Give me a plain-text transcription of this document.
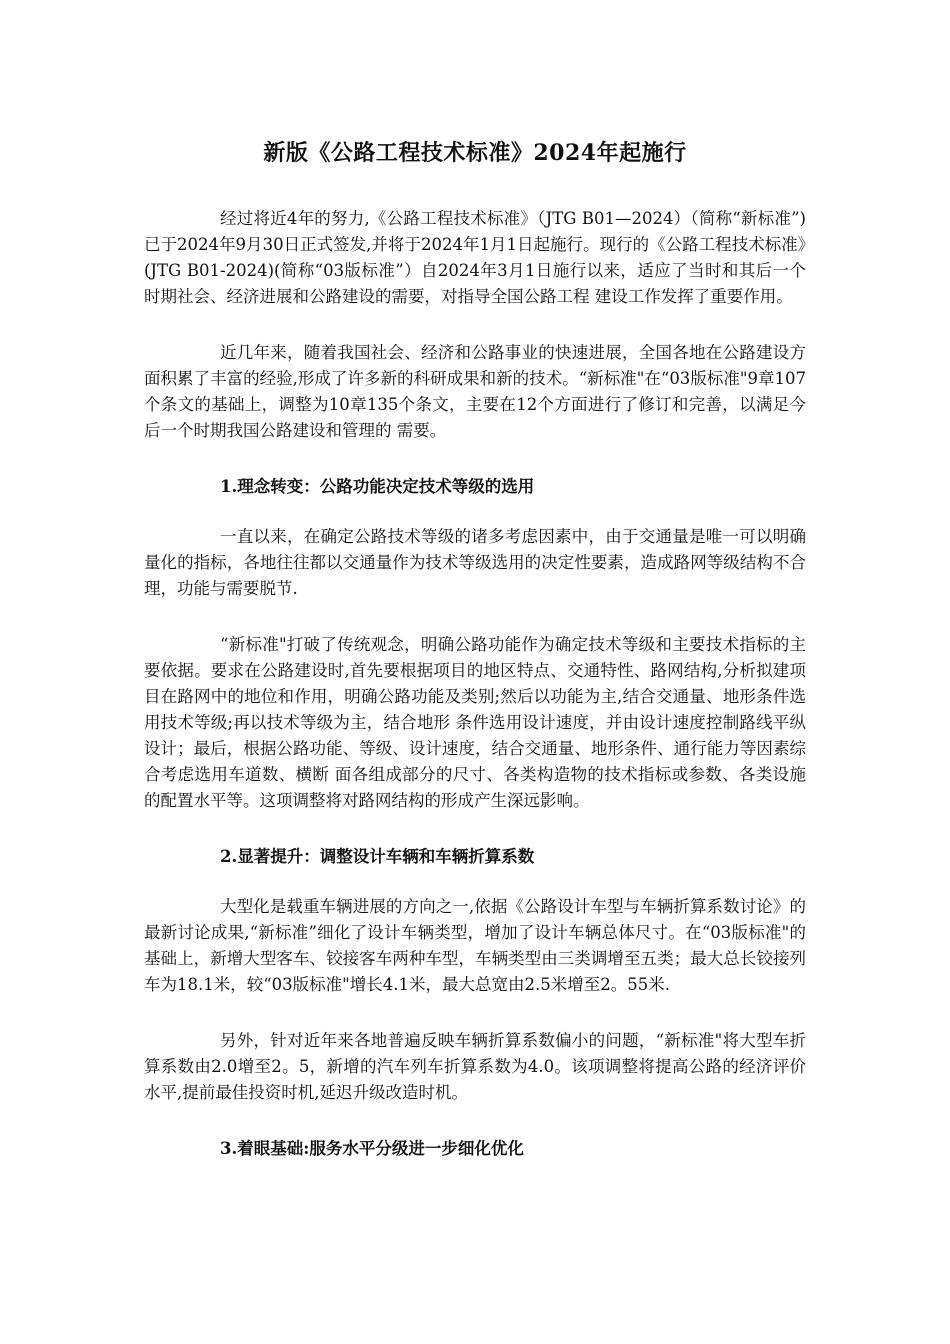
新版《公路工程技术标准》2024年起施行

经过将近4年的努力,《公路工程技术标准》（JTG B01—2024）（简称“新标准”)已于2024年9月30日正式签发,并将于2024年1月1日起施行。现行的《公路工程技术标准》(JTG B01-2024)(简称“03版标准”）自2024年3月1日施行以来，适应了当时和其后一个时期社会、经济进展和公路建设的需要，对指导全国公路工程 建设工作发挥了重要作用。

近几年来，随着我国社会、经济和公路事业的快速进展，全国各地在公路建设方面积累了丰富的经验,形成了许多新的科研成果和新的技术。“新标准"在“03版标准"9章107个条文的基础上，调整为10章135个条文，主要在12个方面进行了修订和完善，以满足今后一个时期我国公路建设和管理的 需要。

1.理念转变：公路功能决定技术等级的选用

一直以来，在确定公路技术等级的诸多考虑因素中，由于交通量是唯一可以明确量化的指标，各地往往都以交通量作为技术等级选用的决定性要素，造成路网等级结构不合理，功能与需要脱节.

“新标准"打破了传统观念，明确公路功能作为确定技术等级和主要技术指标的主要依据。要求在公路建设时,首先要根据项目的地区特点、交通特性、路网结构,分析拟建项目在路网中的地位和作用，明确公路功能及类别;然后以功能为主,结合交通量、地形条件选用技术等级;再以技术等级为主，结合地形 条件选用设计速度，并由设计速度控制路线平纵设计；最后，根据公路功能、等级、设计速度，结合交通量、地形条件、通行能力等因素综合考虑选用车道数、横断 面各组成部分的尺寸、各类构造物的技术指标或参数、各类设施的配置水平等。这项调整将对路网结构的形成产生深远影响。

2.显著提升：调整设计车辆和车辆折算系数

大型化是载重车辆进展的方向之一,依据《公路设计车型与车辆折算系数讨论》的最新讨论成果,“新标准”细化了设计车辆类型，增加了设计车辆总体尺寸。在“03版标准"的基础上，新增大型客车、铰接客车两种车型，车辆类型由三类调增至五类；最大总长铰接列车为18.1米，较“03版标准"增长4.1米，最大总宽由2.5米增至2。55米.

另外，针对近年来各地普遍反映车辆折算系数偏小的问题，“新标准"将大型车折算系数由2.0增至2。5，新增的汽车列车折算系数为4.0。该项调整将提高公路的经济评价水平,提前最佳投资时机,延迟升级改造时机。

3.着眼基础:服务水平分级进一步细化优化
